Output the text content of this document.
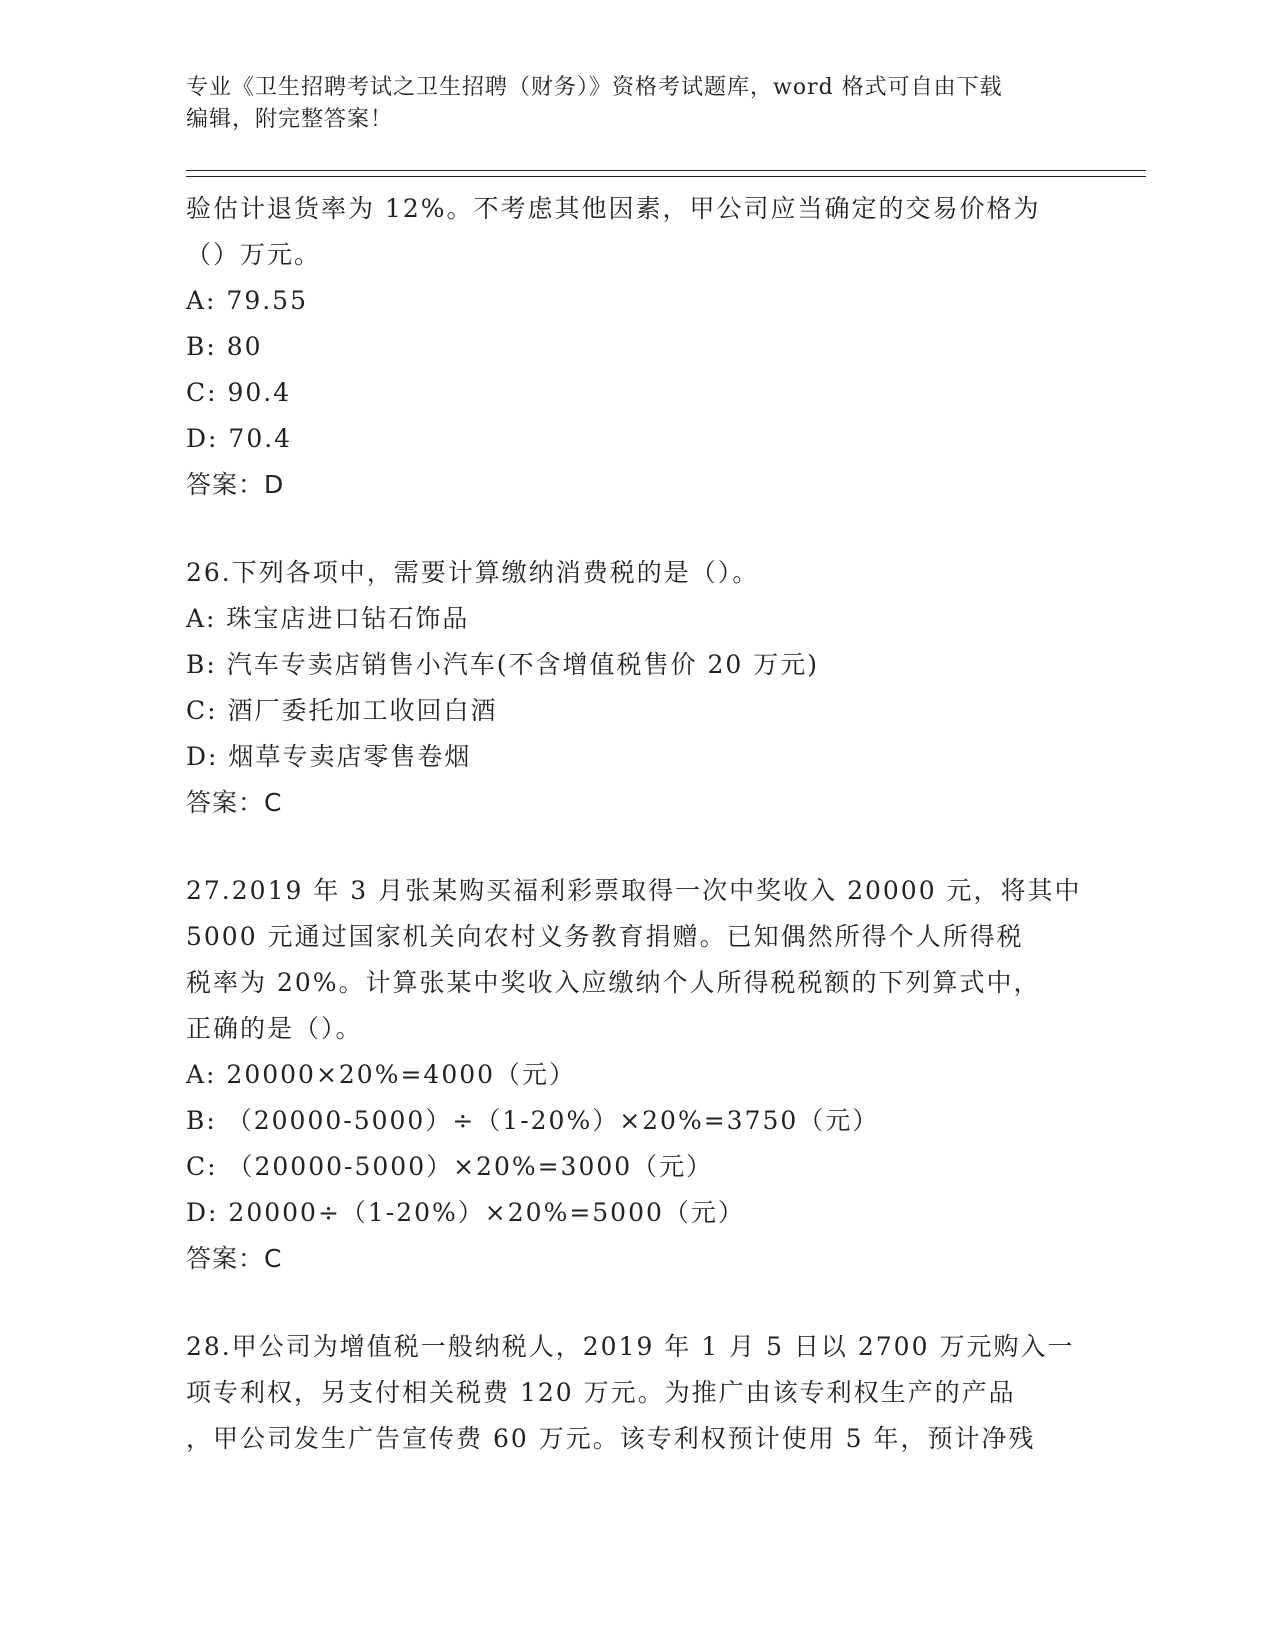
专业《卫生招聘考试之卫生招聘（财务）》资格考试题库，word 格式可自由下载
编辑，附完整答案！
验估计退货率为 12%。不考虑其他因素，甲公司应当确定的交易价格为
（）万元。
A: 79.55
B: 80
C: 90.4
D: 70.4
答案：D
26.下列各项中，需要计算缴纳消费税的是（）。
A: 珠宝店进口钻石饰品
B: 汽车专卖店销售小汽车(不含增值税售价 20 万元)
C: 酒厂委托加工收回白酒
D: 烟草专卖店零售卷烟
答案：C
27.2019 年 3 月张某购买福利彩票取得一次中奖收入 20000 元，将其中
5000 元通过国家机关向农村义务教育捐赠。已知偶然所得个人所得税
税率为 20%。计算张某中奖收入应缴纳个人所得税税额的下列算式中，
正确的是（）。
A: 20000×20%=4000（元）
B: （20000-5000）÷（1-20%）×20%=3750（元）
C: （20000-5000）×20%=3000（元）
D: 20000÷（1-20%）×20%=5000（元）
答案：C
28.甲公司为增值税一般纳税人，2019 年 1 月 5 日以 2700 万元购入一
项专利权，另支付相关税费 120 万元。为推广由该专利权生产的产品
，甲公司发生广告宣传费 60 万元。该专利权预计使用 5 年，预计净残
